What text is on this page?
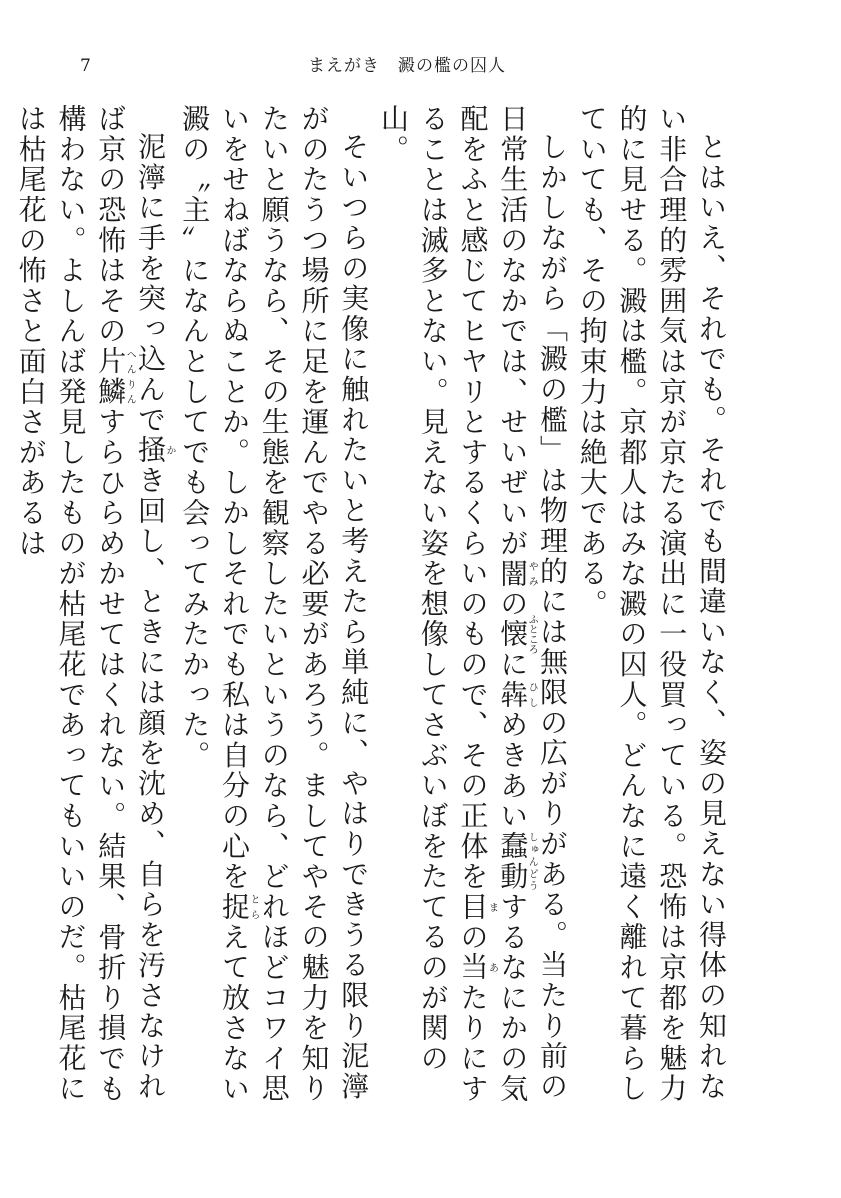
7	まえがき　澱の檻の囚人

とはいえ、それでも。それでも間違いなく、姿の見えない得体の知れない非合理的雰囲気は京が京たる演出に一役買っている。恐怖は京都を魅力的に見せる。澱は檻。京都人はみな澱の囚人。どんなに遠く離れて暮らしていても、その拘束力は絶大である。

しかしながら「澱の檻」は物理的には無限の広がりがある。当たり前の日常生活のなかでは、せいぜいが闇やみの懐ふところに犇ひしめきあい蠢動しゅんどうするなにかの気配をふと感じてヒヤリとするくらいのもので、その正体を目まの当あたりにすることは滅多とない。見えない姿を想像してさぶいぼをたてるのが関の山。

そいつらの実像に触れたいと考えたら単純に、やはりできうる限り泥濘がのたうつ場所に足を運んでやる必要があろう。ましてやその魅力を知りたいと願うなら、その生態を観察したいというのなら、どれほどコワイ思いをせねばならぬことか。しかしそれでも私は自分の心を捉とらえて放さない澱の〝主〟になんとしてでも会ってみたかった。

泥濘に手を突っ込んで掻かき回し、ときには顔を沈め、自らを汚さなければ京の恐怖はその片鱗へんりんすらひらめかせてはくれない。結果、骨折り損でも構わない。よしんば発見したものが枯尾花であってもいいのだ。枯尾花には枯尾花の怖さと面白さがあるは
